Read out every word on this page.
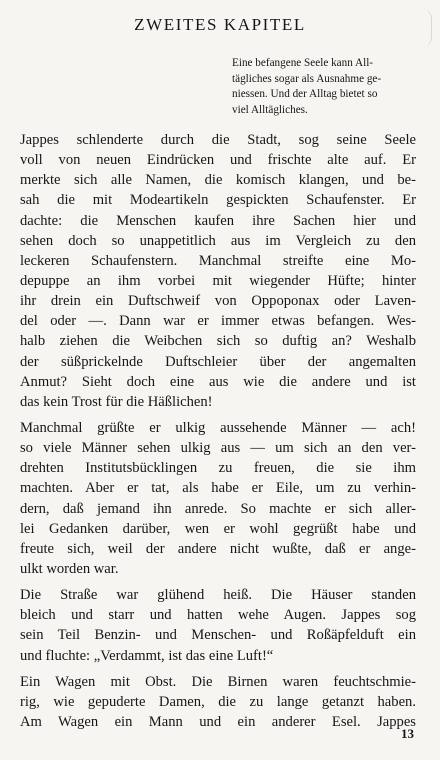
ZWEITES KAPITEL
Eine befangene Seele kann All-
tägliches sogar als Ausnahme ge-
niessen. Und der Alltag bietet so
viel Alltägliches.

Jappes schlenderte durch die Stadt, sog seine Seele
voll von neuen Eindrücken und frischte alte auf. Er
merkte sich alle Namen, die komisch klangen, und be-
sah die mit Modeartikeln gespickten Schaufenster. Er
dachte: die Menschen kaufen ihre Sachen hier und
sehen doch so unappetitlich aus im Vergleich zu den
leckeren Schaufenstern. Manchmal streifte eine Mo-
depuppe an ihm vorbei mit wiegender Hüfte; hinter
ihr drein ein Duftschweif von Oppoponax oder Laven-
del oder —. Dann war er immer etwas befangen. Wes-
halb ziehen die Weibchen sich so duftig an? Weshalb
der süßprickelnde Duftschleier über der angemalten
Anmut? Sieht doch eine aus wie die andere und ist
das kein Trost für die Häßlichen!

Manchmal grüßte er ulkig aussehende Männer — ach!
so viele Männer sehen ulkig aus — um sich an den ver-
drehten Institutsbücklingen zu freuen, die sie ihm
machten. Aber er tat, als habe er Eile, um zu verhin-
dern, daß jemand ihn anrede. So machte er sich aller-
lei Gedanken darüber, wen er wohl gegrüßt habe und
freute sich, weil der andere nicht wußte, daß er ange-
ulkt worden war.

Die Straße war glühend heiß. Die Häuser standen
bleich und starr und hatten wehe Augen. Jappes sog
sein Teil Benzin- und Menschen- und Roßäpfelduft ein
und fluchte: „Verdammt, ist das eine Luft!“

Ein Wagen mit Obst. Die Birnen waren feuchtschmie-
rig, wie gepuderte Damen, die zu lange getanzt haben.
Am Wagen ein Mann und ein anderer Esel. Jappes

13
